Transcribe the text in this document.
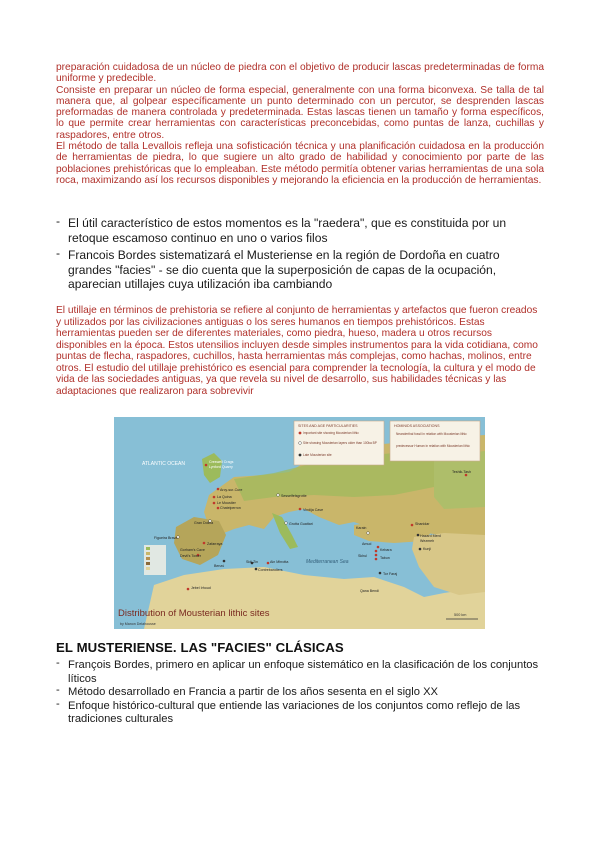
preparación cuidadosa de un núcleo de piedra con el objetivo de producir lascas predeterminadas de forma uniforme y predecible.
Consiste en preparar un núcleo de forma especial, generalmente con una forma biconvexa. Se talla de tal manera que, al golpear específicamente un punto determinado con un percutor, se desprenden lascas preformadas de manera controlada y predeterminada. Estas lascas tienen un tamaño y forma específicos, lo que permite crear herramientas con características preconcebidas, como puntas de lanza, cuchillas y raspadores, entre otros.
El método de talla Levallois refleja una sofisticación técnica y una planificación cuidadosa en la producción de herramientas de piedra, lo que sugiere un alto grado de habilidad y conocimiento por parte de las poblaciones prehistóricas que lo empleaban. Este método permitía obtener varias herramientas de una sola roca, maximizando así los recursos disponibles y mejorando la eficiencia en la producción de herramientas.
- El útil característico de estos momentos es la "raedera", que es constituida por un retoque escamoso continuo en uno o varios filos
- Francois Bordes sistematizará el Musteriense en la región de Dordoña en cuatro grandes "facies" - se dio cuenta que la superposición de capas de la ocupación, aparecian utillajes cuya utilización iba cambiando

El utillaje en términos de prehistoria se refiere al conjunto de herramientas y artefactos que fueron creados y utilizados por las civilizaciones antiguas o los seres humanos en tiempos prehistóricos. Estas herramientas pueden ser de diferentes materiales, como piedra, hueso, madera u otros recursos disponibles en la época. Estos utensilios incluyen desde simples instrumentos para la vida cotidiana, como puntas de flecha, raspadores, cuchillos, hasta herramientas más complejas, como hachas, molinos, entre otros. El estudio del utillaje prehistórico es esencial para comprender la tecnología, la cultura y el modo de vida de las sociedades antiguas, ya que revela su nivel de desarrollo, sus habilidades técnicas y las adaptaciones que realizaron para sobrevivir

ATLANTIC OCEAN
Mediterranean Sea
SITES AND AGE PARTICULARITIES
Important site showing Mousterian lithic
Site showing Mousterian layers older than 100ka BP
Late Mousterian site
HOMINIDS ASSOCIATIONS
Neanderthal fossil in relation with Mousterian lithic
predecessor Human in relation with Mousterian lithic
Creswell Crags
Lynford Quarry
Arcy-sur-Cure
La Quina
Le Moustier
Chatelperron
Sesselfelsgrotte
Vindija Cave
Gran Dolina
Figueira Brava
Zafarraya
Grotta Guattari
Gorham's Cave
Devil's Tower
Benzú
Sidi Zin	Ain Mhrotta
Contrebandiers
Jebel Irhoud
Karain
Shanidar
Kebara
Tabun
Skhul
Amud
Teshik-Tash
Hazard Merd
Wezmeh
Kunji
Tor Faraj
Qana Bendi
Distribution of Mousterian lithic sites
by Manon Delahousse
500 km
EL MUSTERIENSE. LAS "FACIES" CLÁSICAS
- François Bordes, primero en aplicar un enfoque sistemático en la clasificación de los conjuntos líticos
- Método desarrollado en Francia a partir de los años sesenta en el siglo XX
- Enfoque histórico-cultural que entiende las variaciones de los conjuntos como reflejo de las tradiciones culturales
